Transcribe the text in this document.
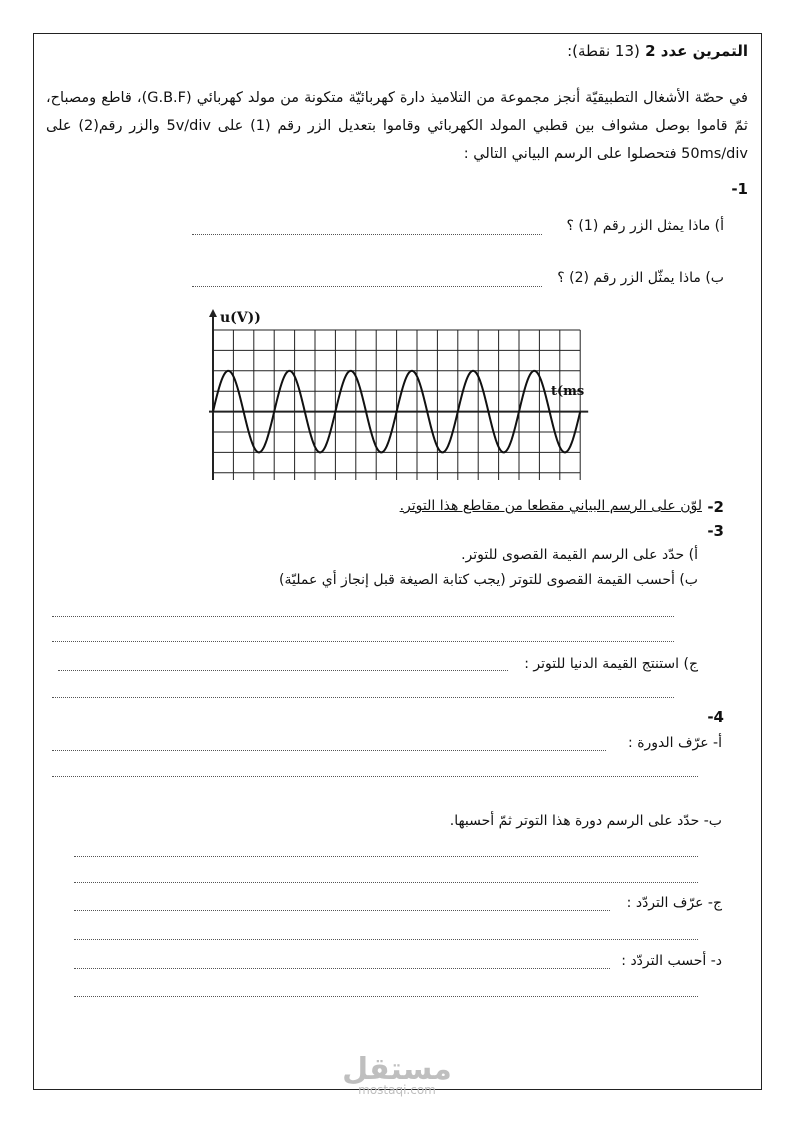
التمرين عدد 2 (13 نقطة):
في حصّة الأشغال التطبيقيّة أنجز مجموعة من التلاميذ دارة كهربائيّة متكونة من مولد كهربائي (G.B.F)، قاطع ومصباح، ثمّ قاموا بوصل مشواف بين قطبي المولد الكهربائي وقاموا بتعديل الزر رقم (1) على 5v/div والزر رقم(2) على 50ms/div فتحصلوا على الرسم البياني التالي :
-1
أ) ماذا يمثل الزر رقم (1) ؟
ب) ماذا يمثّل الزر رقم (2) ؟
u(V))
t(ms
-2
لوّن على الرسم البياني مقطعا من مقاطع هذا التوتر.
-3
أ) حدّد على الرسم القيمة القصوى للتوتر.
ب) أحسب القيمة القصوى للتوتر (يجب كتابة الصيغة قبل إنجاز أي عمليّة)
ج) استنتج القيمة الدنيا للتوتر :
-4
أ- عرّف الدورة :
ب- حدّد على الرسم دورة هذا التوتر ثمّ أحسبها.
ج- عرّف التردّد :
د- أحسب التردّد :
مستقل
mostaqi.com
